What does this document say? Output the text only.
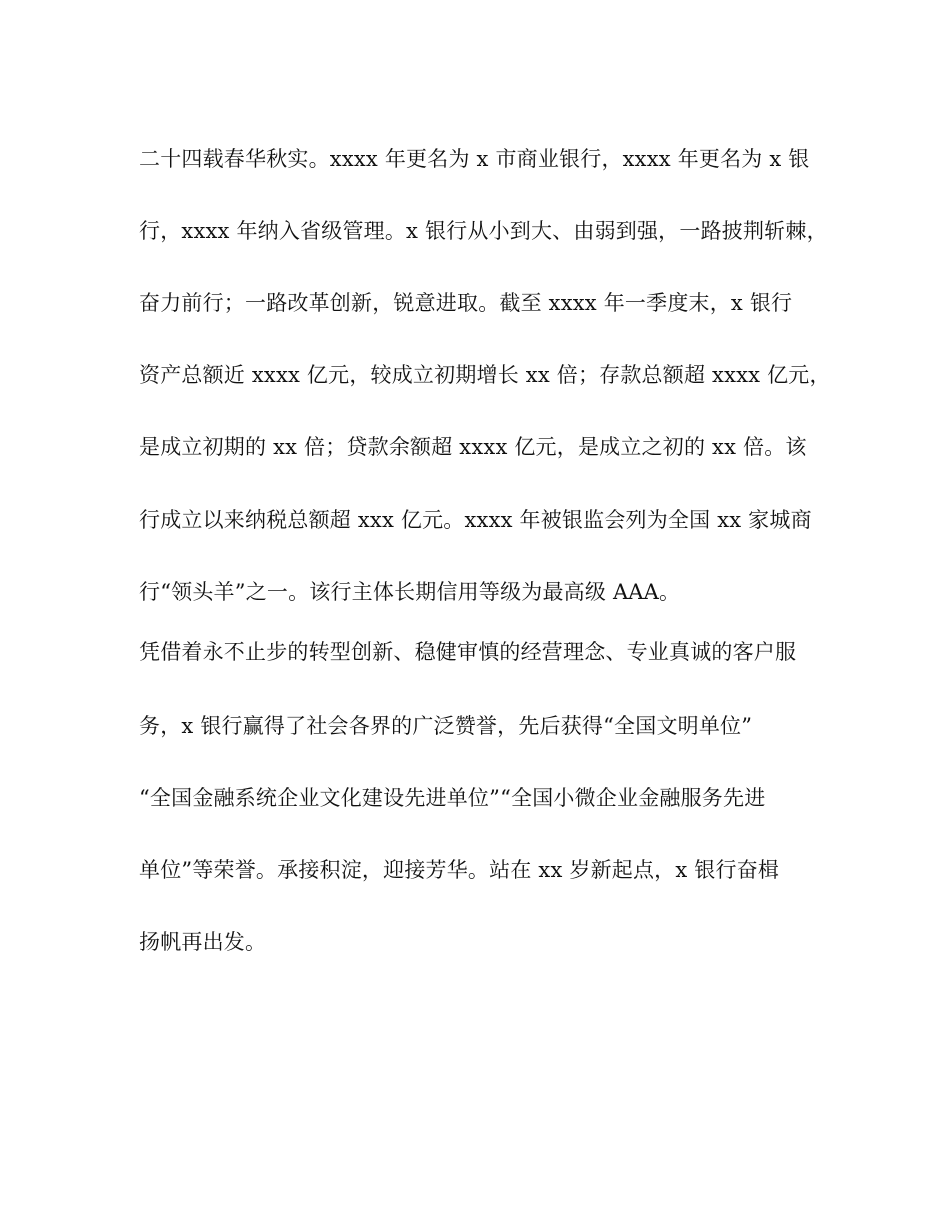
二十四载春华秋实。xxxx 年更名为 x 市商业银行，xxxx 年更名为 x 银
行，xxxx 年纳入省级管理。x 银行从小到大、由弱到强，一路披荆斩棘，
奋力前行；一路改革创新，锐意进取。截至 xxxx 年一季度末，x 银行
资产总额近 xxxx 亿元，较成立初期增长 xx 倍；存款总额超 xxxx 亿元，
是成立初期的 xx 倍；贷款余额超 xxxx 亿元，是成立之初的 xx 倍。该
行成立以来纳税总额超 xxx 亿元。xxxx 年被银监会列为全国 xx 家城商
行“领头羊”之一。该行主体长期信用等级为最高级 AAA。
凭借着永不止步的转型创新、稳健审慎的经营理念、专业真诚的客户服
务，x 银行赢得了社会各界的广泛赞誉，先后获得“全国文明单位”
“全国金融系统企业文化建设先进单位”“全国小微企业金融服务先进
单位”等荣誉。承接积淀，迎接芳华。站在 xx 岁新起点，x 银行奋楫
扬帆再出发。
